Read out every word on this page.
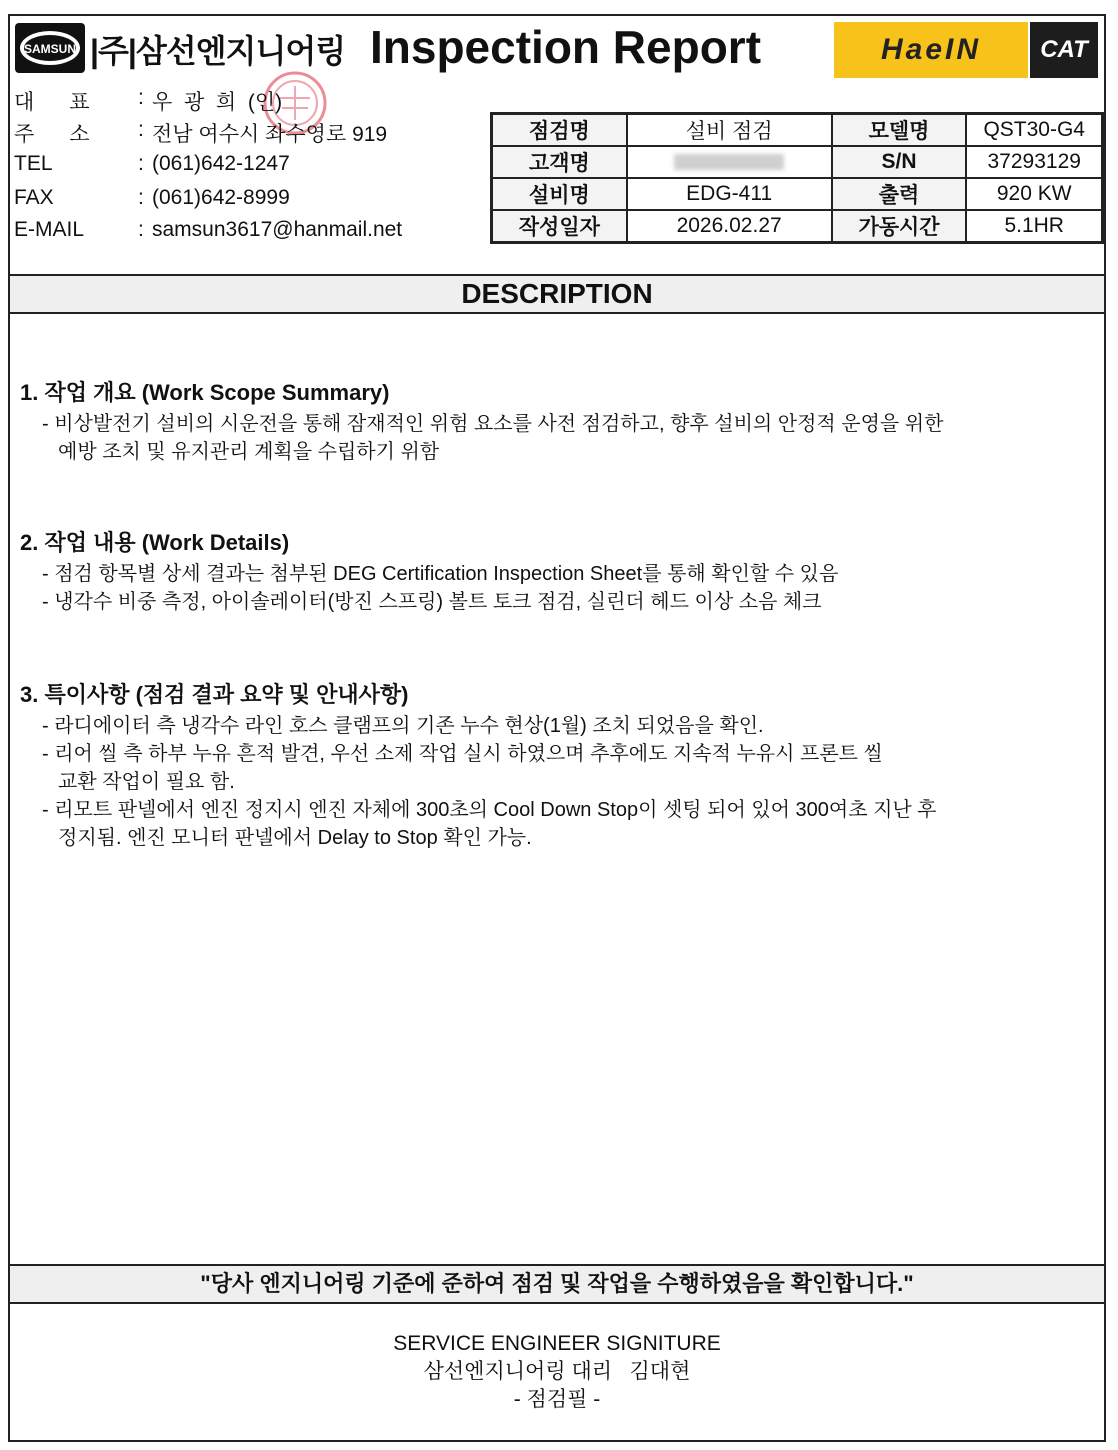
SAMSUN |주|삼선엔지니어링 Inspection Report	HaeIN	CAT
대      표	: 우  광  희  (인)
주      소	: 전남 여수시 좌수영로 919
TEL	: (061)642-1247
FAX	: (061)642-8999
E-MAIL	: samsun3617@hanmail.net
점검명	설비 점검	모델명	QST30-G4
고객명		S/N	37293129
설비명	EDG-411	출력	920 KW
작성일자	2026.02.27	가동시간	5.1HR
DESCRIPTION
1. 작업 개요 (Work Scope Summary)
- 비상발전기 설비의 시운전을 통해 잠재적인 위험 요소를 사전 점검하고, 향후 설비의 안정적 운영을 위한
예방 조치 및 유지관리 계획을 수립하기 위함
2. 작업 내용 (Work Details)
- 점검 항목별 상세 결과는 첨부된 DEG Certification Inspection Sheet를 통해 확인할 수 있음
- 냉각수 비중 측정, 아이솔레이터(방진 스프링) 볼트 토크 점검, 실린더 헤드 이상 소음 체크
3. 특이사항 (점검 결과 요약 및 안내사항)
- 라디에이터 측 냉각수 라인 호스 클램프의 기존 누수 현상(1월) 조치 되었음을 확인.
- 리어 씰 측 하부 누유 흔적 발견, 우선 소제 작업 실시 하였으며 추후에도 지속적 누유시 프론트 씰
교환 작업이 필요 함.
- 리모트 판넬에서 엔진 정지시 엔진 자체에 300초의 Cool Down Stop이 셋팅 되어 있어 300여초 지난 후
정지됨. 엔진 모니터 판넬에서 Delay to Stop 확인 가능.
"당사 엔지니어링 기준에 준하여 점검 및 작업을 수행하였음을 확인합니다."
SERVICE ENGINEER SIGNITURE
삼선엔지니어링 대리   김대현
- 점검필 -
